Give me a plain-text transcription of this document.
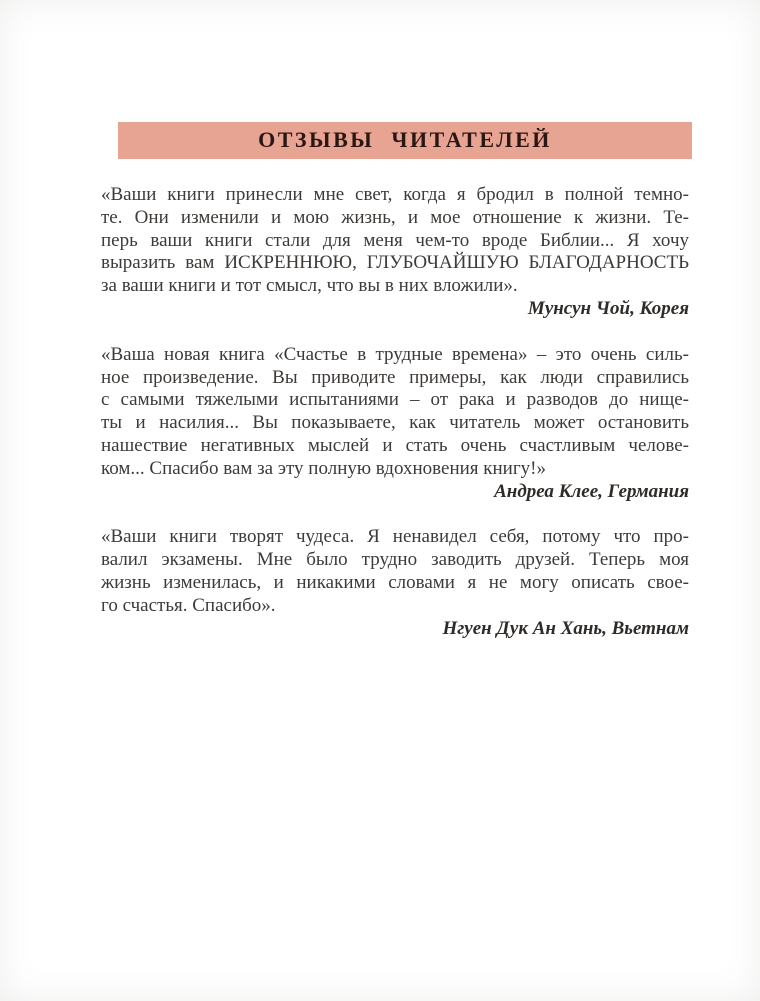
ОТЗЫВЫ ЧИТАТЕЛЕЙ
«Ваши книги принесли мне свет, когда я бродил в полной темно-
те. Они изменили и мою жизнь, и мое отношение к жизни. Те-
перь ваши книги стали для меня чем-то вроде Библии... Я хочу
выразить вам ИСКРЕННЮЮ, ГЛУБОЧАЙШУЮ БЛАГОДАРНОСТЬ
за ваши книги и тот смысл, что вы в них вложили».
Мунсун Чой, Корея
«Ваша новая книга «Счастье в трудные времена» – это очень силь-
ное произведение. Вы приводите примеры, как люди справились
с самыми тяжелыми испытаниями – от рака и разводов до нище-
ты и насилия... Вы показываете, как читатель может остановить
нашествие негативных мыслей и стать очень счастливым челове-
ком... Спасибо вам за эту полную вдохновения книгу!»
Андреа Клее, Германия
«Ваши книги творят чудеса. Я ненавидел себя, потому что про-
валил экзамены. Мне было трудно заводить друзей. Теперь моя
жизнь изменилась, и никакими словами я не могу описать свое-
го счастья. Спасибо».
Нгуен Дук Ан Хань, Вьетнам
